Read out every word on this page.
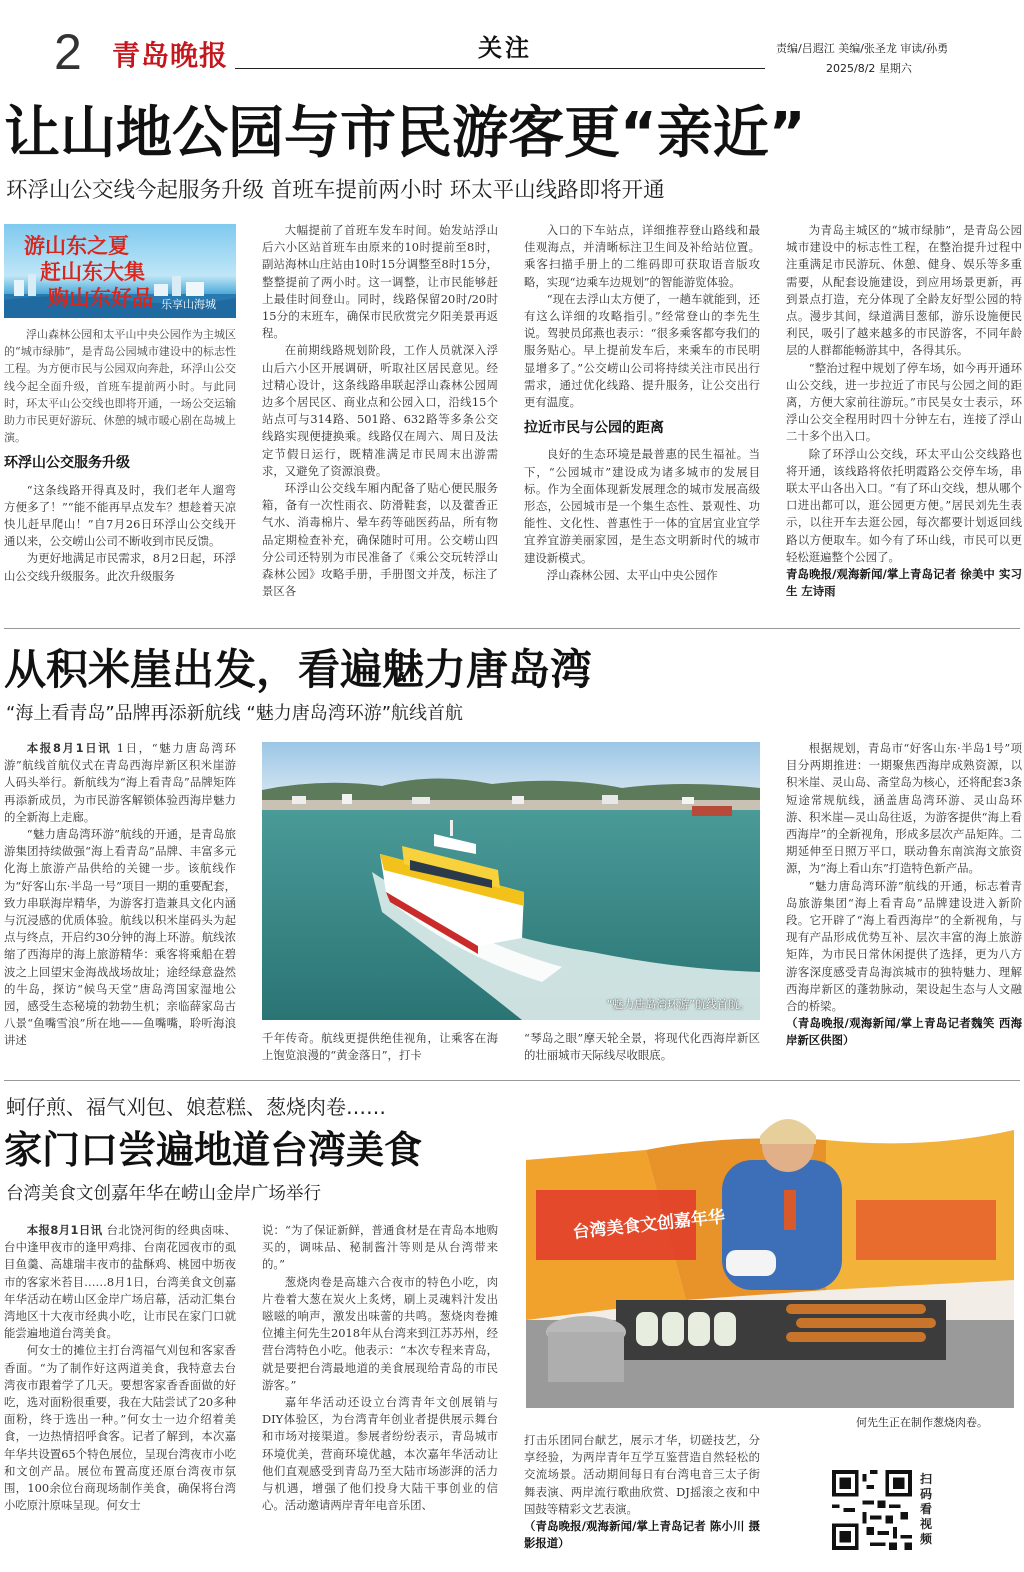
2 青岛晚报	关注	责编/吕遐江 美编/张圣龙 审读/孙勇
2025/8/2 星期六
让山地公园与市民游客更“亲近”
环浮山公交线今起服务升级 首班车提前两小时 环太平山线路即将开通
游山东之夏
赶山东大集
购山东好品 乐享山海城

浮山森林公园和太平山中央公园作为主城区的“城市绿肺”，是青岛公园城市建设中的标志性工程。为方便市民与公园双向奔赴，环浮山公交线今起全面升级，首班车提前两小时。与此同时，环太平山公交线也即将开通，一场公交运输助力市民更好游玩、休憩的城市暖心剧在岛城上演。

环浮山公交服务升级

“这条线路开得真及时，我们老年人遛弯方便多了！”“能不能再早点发车？想趁着天凉快儿赶早爬山！”自7月26日环浮山公交线开通以来，公交崂山公司不断收到市民反馈。

为更好地满足市民需求，8月2日起，环浮山公交线升级服务。此次升级服务

大幅提前了首班车发车时间。始发站浮山后六小区站首班车由原来的10时提前至8时，副站海林山庄站由10时15分调整至8时15分，整整提前了两小时。这一调整，让市民能够赶上最佳时间登山。同时，线路保留20时/20时15分的末班车，确保市民欣赏完夕阳美景再返程。

在前期线路规划阶段，工作人员就深入浮山后六小区开展调研，听取社区居民意见。经过精心设计，这条线路串联起浮山森林公园周边多个居民区、商业点和公园入口，沿线15个站点可与314路、501路、632路等多条公交线路实现便捷换乘。线路仅在周六、周日及法定节假日运行，既精准满足市民周末出游需求，又避免了资源浪费。

环浮山公交线车厢内配备了贴心便民服务箱，备有一次性雨衣、防滑鞋套，以及藿香正气水、消毒棉片、晕车药等础医药品，所有物品定期检查补充，确保随时可用。公交崂山四分公司还特别为市民准备了《乘公交玩转浮山森林公园》攻略手册，手册图文并茂，标注了景区各

入口的下车站点，详细推荐登山路线和最佳观海点，并清晰标注卫生间及补给站位置。乘客扫描手册上的二维码即可获取语音版攻略，实现“边乘车边规划”的智能游览体验。

“现在去浮山太方便了，一趟车就能到，还有这么详细的攻略指引。”经常登山的李先生说。驾驶员邱燕也表示：“很多乘客都夸我们的服务贴心。早上提前发车后，来乘车的市民明显增多了。”公交崂山公司将持续关注市民出行需求，通过优化线路、提升服务，让公交出行更有温度。

拉近市民与公园的距离

良好的生态环境是最普惠的民生福祉。当下，“公园城市”建设成为诸多城市的发展目标。作为全面体现新发展理念的城市发展高级形态，公园城市是一个集生态性、景观性、功能性、文化性、普惠性于一体的宜居宜业宜学宜养宜游美丽家园，是生态文明新时代的城市建设新模式。

浮山森林公园、太平山中央公园作

为青岛主城区的“城市绿肺”，是青岛公园城市建设中的标志性工程，在整治提升过程中注重满足市民游玩、休憩、健身、娱乐等多重需要，从配套设施建设，到应用场景更新，再到景点打造，充分体现了全龄友好型公园的特点。漫步其间，绿道满目葱郁，游乐设施便民利民，吸引了越来越多的市民游客，不同年龄层的人群都能畅游其中，各得其乐。

“整治过程中规划了停车场，如今再开通环山公交线，进一步拉近了市民与公园之间的距离，方便大家前往游玩。”市民吴女士表示，环浮山公交全程用时四十分钟左右，连接了浮山二十多个出入口。

除了环浮山公交线，环太平山公交线路也将开通，该线路将依托明霞路公交停车场，串联太平山各出入口。“有了环山交线，想从哪个口进出都可以，逛公园更方便。”居民刘先生表示，以往开车去逛公园，每次都要计划返回线路以方便取车。如今有了环山线，市民可以更轻松逛遍整个公园了。

青岛晚报/观海新闻/掌上青岛记者 徐美中 实习生 左诗雨

从积米崖出发，看遍魅力唐岛湾
“海上看青岛”品牌再添新航线 “魅力唐岛湾环游”航线首航

本报8月1日讯 1日，“魅力唐岛湾环游”航线首航仪式在青岛西海岸新区积米崖游人码头举行。新航线为“海上看青岛”品牌矩阵再添新成员，为市民游客解锁体验西海岸魅力的全新海上走廊。

“魅力唐岛湾环游”航线的开通，是青岛旅游集团持续做强“海上看青岛”品牌、丰富多元化海上旅游产品供给的关键一步。该航线作为“好客山东·半岛一号”项目一期的重要配套，致力串联海岸精华，为游客打造兼具文化内涵与沉浸感的优质体验。航线以积米崖码头为起点与终点，开启约30分钟的海上环游。航线浓缩了西海岸的海上旅游精华：乘客将乘船在碧波之上回望宋金海战战场故址；途经绿意盎然的牛岛，探访“候鸟天堂”唐岛湾国家湿地公园，感受生态秘境的勃勃生机；亲临薛家岛古八景“鱼嘴雪浪”所在地——鱼嘴嘴，聆听海浪讲述

“魅力唐岛湾环游”航线首航。

千年传奇。航线更提供绝佳视角，让乘客在海上饱览浪漫的“黄金落日”，打卡

“琴岛之眼”摩天轮全景，将现代化西海岸新区的壮丽城市天际线尽收眼底。

根据规划，青岛市“好客山东·半岛1号”项目分两期推进：一期聚焦西海岸成熟资源，以积米崖、灵山岛、斋堂岛为核心，还将配套3条短途常规航线，涵盖唐岛湾环游、灵山岛环游、积米崖—灵山岛往返，为游客提供“海上看西海岸”的全新视角，形成多层次产品矩阵。二期延伸至日照万平口，联动鲁东南滨海文旅资源，为“海上看山东”打造特色新产品。

“魅力唐岛湾环游”航线的开通，标志着青岛旅游集团“海上看青岛”品牌建设进入新阶段。它开辟了“海上看西海岸”的全新视角，与现有产品形成优势互补、层次丰富的海上旅游矩阵，为市民日常休闲提供了选择，更为八方游客深度感受青岛海滨城市的独特魅力、理解西海岸新区的蓬勃脉动，架设起生态与人文融合的桥梁。

（青岛晚报/观海新闻/掌上青岛记者魏笑 西海岸新区供图）

蚵仔煎、福气刈包、娘惹糕、葱烧肉卷……
家门口尝遍地道台湾美食
台湾美食文创嘉年华在崂山金岸广场举行

本报8月1日讯 台北饶河街的经典卤味、台中逢甲夜市的逢甲鸡排、台南花园夜市的虱目鱼羹、高雄瑞丰夜市的盐酥鸡、桃园中坜夜市的客家米苔目……8月1日，台湾美食文创嘉年华活动在崂山区金岸广场启幕，活动汇集台湾地区十大夜市经典小吃，让市民在家门口就能尝遍地道台湾美食。

何女士的摊位主打台湾福气刈包和客家香香面。“为了制作好这两道美食，我特意去台湾夜市跟着学了几天。要想客家香香面做的好吃，选对面粉很重要，我在大陆尝试了20多种面粉，终于选出一种。”何女士一边介绍着美食，一边热情招呼食客。记者了解到，本次嘉年华共设置65个特色展位，呈现台湾夜市小吃和文创产品。展位布置高度还原台湾夜市氛围，100余位台商现场制作美食，确保将台湾小吃原汁原味呈现。何女士

说：“为了保证新鲜，普通食材是在青岛本地购买的，调味品、秘制酱汁等则是从台湾带来的。”

葱烧肉卷是高雄六合夜市的特色小吃，肉片卷着大葱在炭火上炙烤，刷上灵魂料汁发出嗞嗞的响声，激发出味蕾的共鸣。葱烧肉卷摊位摊主何先生2018年从台湾来到江苏苏州，经营台湾特色小吃。他表示：“本次专程来青岛，就是要把台湾最地道的美食展现给青岛的市民游客。”

嘉年华活动还设立台湾青年文创展销与DIY体验区，为台湾青年创业者提供展示舞台和市场对接渠道。参展者纷纷表示，青岛城市环境优美，营商环境优越，本次嘉年华活动让他们直观感受到青岛乃至大陆市场澎湃的活力与机遇，增强了他们投身大陆干事创业的信心。活动邀请两岸青年电音乐团、

台湾美食文创嘉年华
何先生正在制作葱烧肉卷。

打击乐团同台献艺，展示才华，切磋技艺，分享经验，为两岸青年互学互鉴营造自然轻松的交流场景。活动期间每日有台湾电音三太子街舞表演、两岸流行歌曲欣赏、DJ摇滚之夜和中国鼓等精彩文艺表演。

（青岛晚报/观海新闻/掌上青岛记者 陈小川 摄影报道）

扫码看视频
